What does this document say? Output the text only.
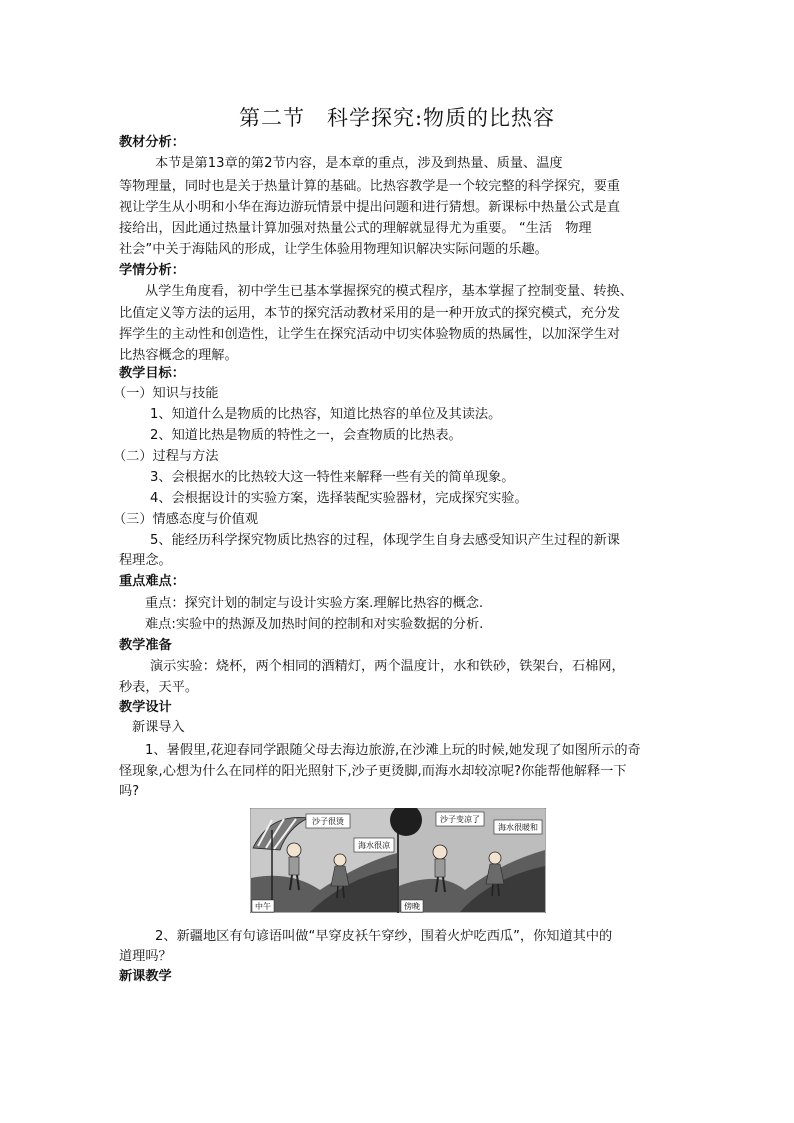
第二节　科学探究:物质的比热容
教材分析：
本节是第13章的第2节内容，是本章的重点，涉及到热量、质量、温度
等物理量，同时也是关于热量计算的基础。比热容教学是一个较完整的科学探究，要重
视让学生从小明和小华在海边游玩情景中提出问题和进行猜想。新课标中热量公式是直
接给出，因此通过热量计算加强对热量公式的理解就显得尤为重要。 “生活　物理
社会”中关于海陆风的形成，让学生体验用物理知识解决实际问题的乐趣。
学情分析：
从学生角度看，初中学生已基本掌握探究的模式程序，基本掌握了控制变量、转换、
比值定义等方法的运用，本节的探究活动教材采用的是一种开放式的探究模式，充分发
挥学生的主动性和创造性，让学生在探究活动中切实体验物质的热属性，以加深学生对
比热容概念的理解。
教学目标：
（一）知识与技能
1、知道什么是物质的比热容，知道比热容的单位及其读法。
2、知道比热是物质的特性之一，会查物质的比热表。
（二）过程与方法
3、会根据水的比热较大这一特性来解释一些有关的简单现象。
4、会根据设计的实验方案，选择装配实验器材，完成探究实验。
（三）情感态度与价值观
5、能经历科学探究物质比热容的过程，体现学生自身去感受知识产生过程的新课
程理念。
重点难点：
重点：探究计划的制定与设计实验方案.理解比热容的概念.
难点:实验中的热源及加热时间的控制和对实验数据的分析.
教学准备
演示实验：烧杯，两个相同的酒精灯，两个温度计，水和铁砂，铁架台，石棉网，
秒表，天平。
教学设计
新课导入
1、暑假里,花迎春同学跟随父母去海边旅游,在沙滩上玩的时候,她发现了如图所示的奇
怪现象,心想为什么在同样的阳光照射下,沙子更烫脚,而海水却较凉呢?你能帮他解释一下
吗?
沙子很烫
海水很凉
中午
沙子变凉了
海水很暖和
傍晚
2、新疆地区有句谚语叫做“早穿皮袄午穿纱，围着火炉吃西瓜”，你知道其中的
道理吗？
新课教学
